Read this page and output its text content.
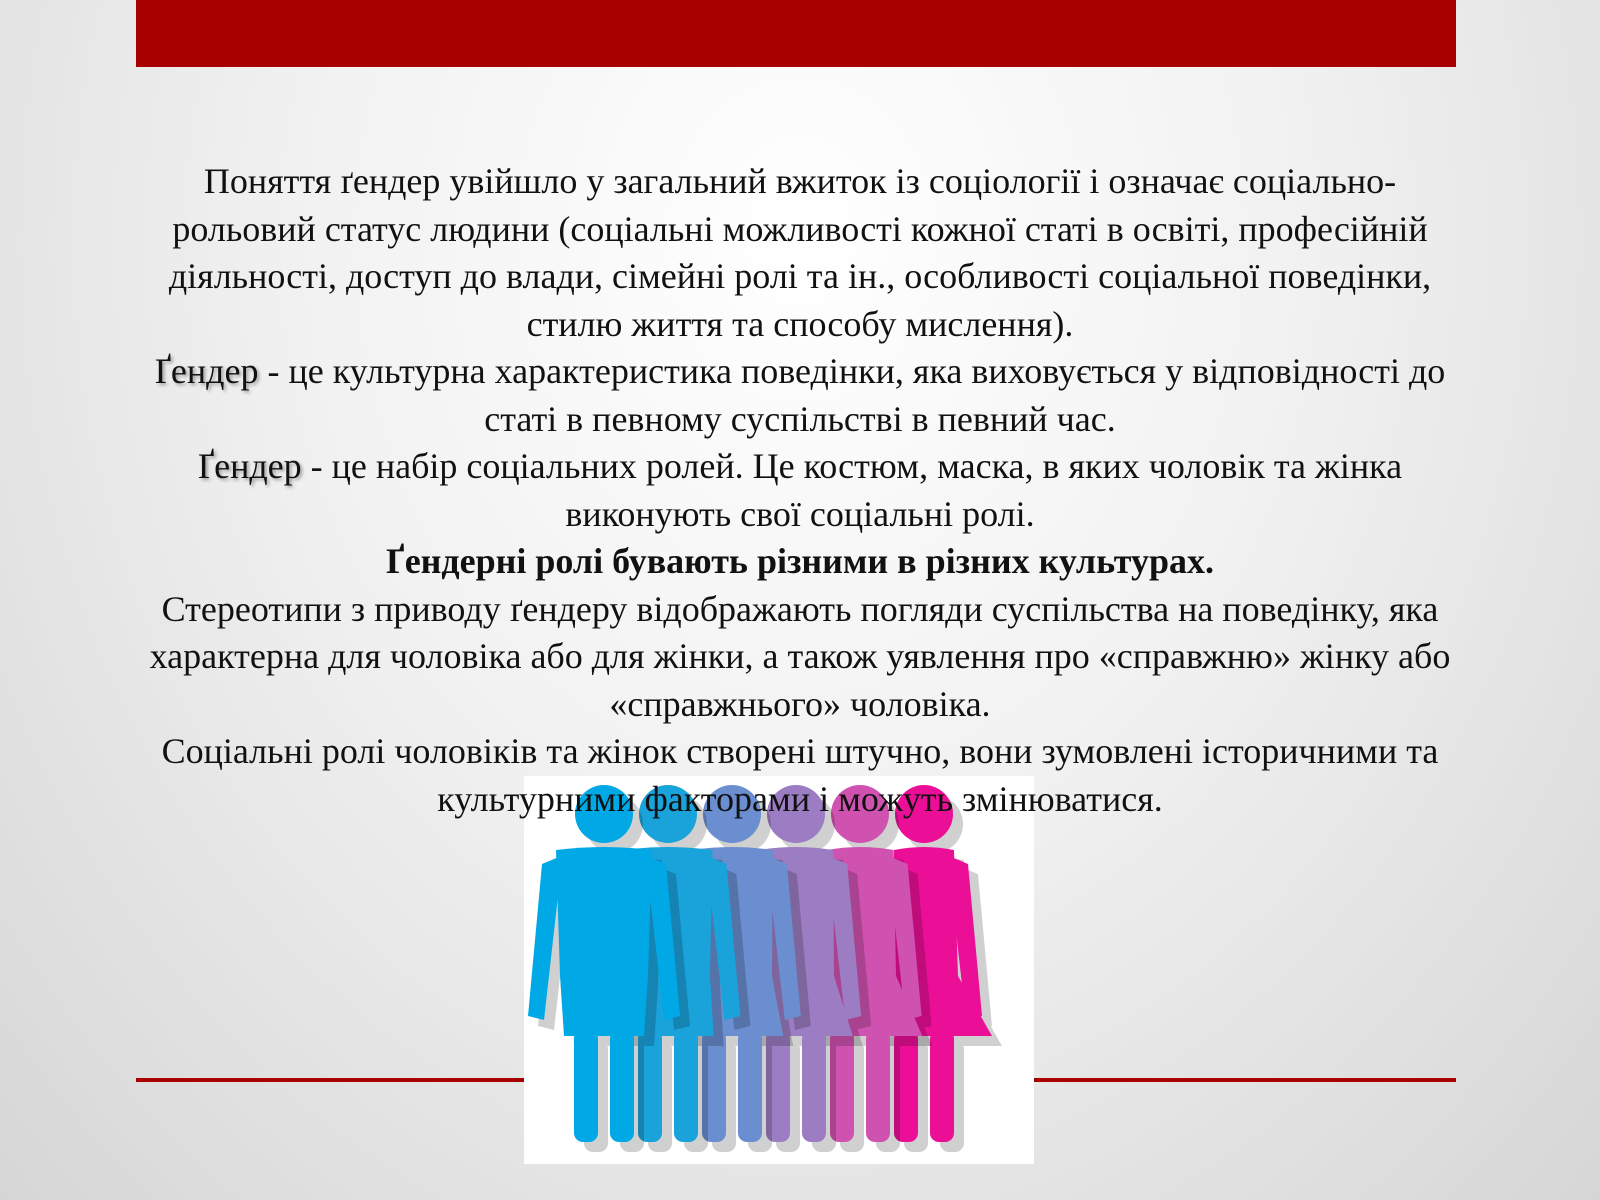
Поняття ґендер увійшло у загальний вжиток із соціології і означає соціально-рольовий статус людини (соціальні можливості кожної статі в освіті, професійній діяльності, доступ до влади, сімейні ролі та ін., особливості соціальної поведінки, стилю життя та способу мислення).

Ґендер - це культурна характеристика поведінки, яка виховується у відповідності до статі в певному суспільстві в певний час.

Ґендер - це набір соціальних ролей. Це костюм, маска, в яких чоловік та жінка виконують свої соціальні ролі.

Ґендерні ролі бувають різними в різних культурах.

Стереотипи з приводу ґендеру відображають погляди суспільства на поведінку, яка характерна для чоловіка або для жінки, а також уявлення про «справжню» жінку або «справжнього» чоловіка.

Соціальні ролі чоловіків та жінок створені штучно, вони зумовлені історичними та культурними факторами і можуть змінюватися.
